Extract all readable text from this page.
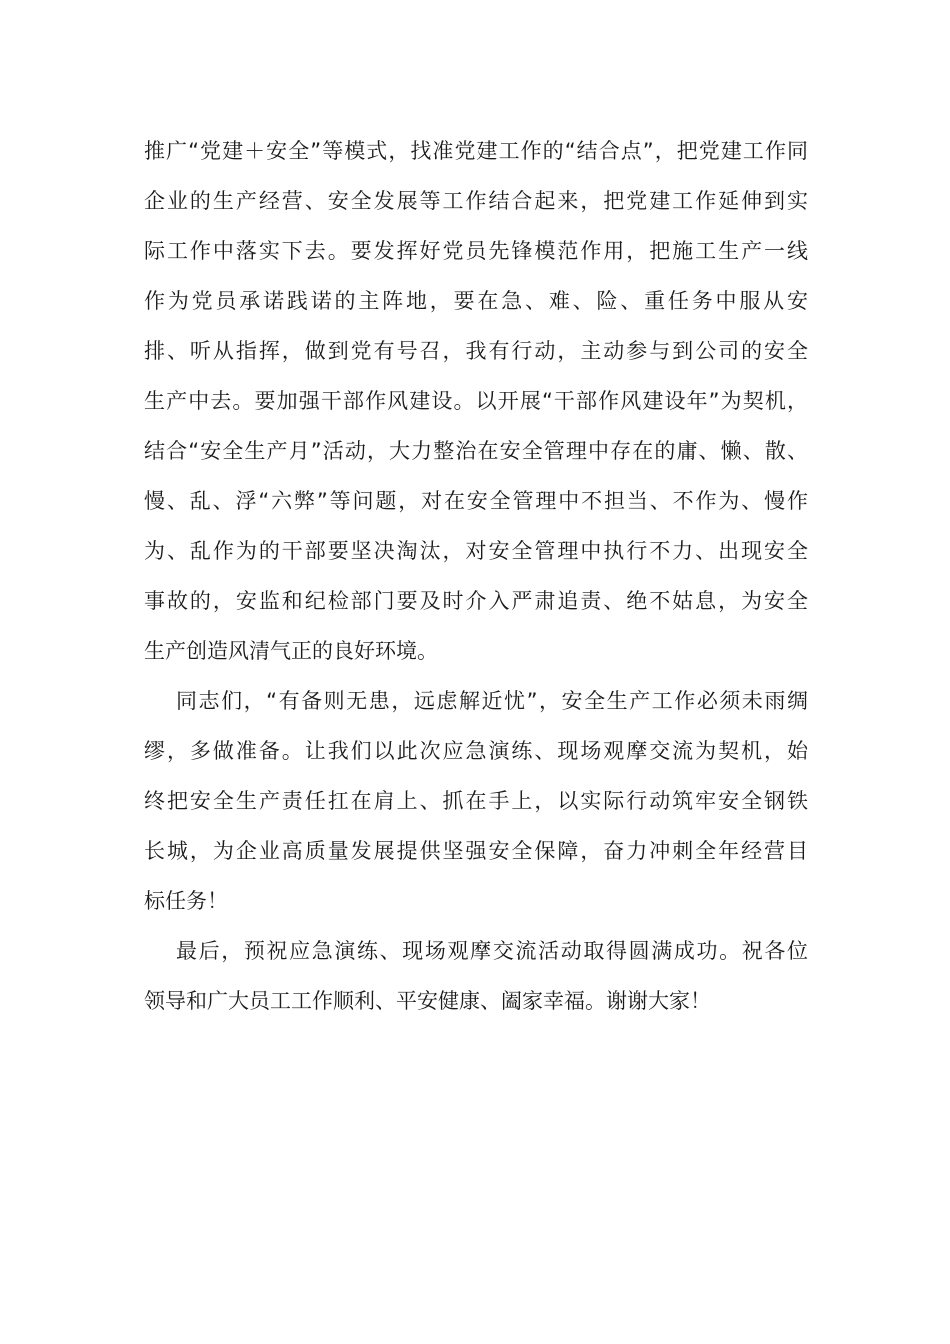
推广“党建＋安全”等模式，找准党建工作的“结合点”，把党建工作同
企业的生产经营、安全发展等工作结合起来，把党建工作延伸到实
际工作中落实下去。要发挥好党员先锋模范作用，把施工生产一线
作为党员承诺践诺的主阵地，要在急、难、险、重任务中服从安
排、听从指挥，做到党有号召，我有行动，主动参与到公司的安全
生产中去。要加强干部作风建设。以开展“干部作风建设年”为契机，
结合“安全生产月”活动，大力整治在安全管理中存在的庸、懒、散、
慢、乱、浮“六弊”等问题，对在安全管理中不担当、不作为、慢作
为、乱作为的干部要坚决淘汰，对安全管理中执行不力、出现安全
事故的，安监和纪检部门要及时介入严肃追责、绝不姑息，为安全
生产创造风清气正的良好环境。
同志们，“有备则无患，远虑解近忧”，安全生产工作必须未雨绸
缪，多做准备。让我们以此次应急演练、现场观摩交流为契机，始
终把安全生产责任扛在肩上、抓在手上，以实际行动筑牢安全钢铁
长城，为企业高质量发展提供坚强安全保障，奋力冲刺全年经营目
标任务！
最后，预祝应急演练、现场观摩交流活动取得圆满成功。祝各位
领导和广大员工工作顺利、平安健康、阖家幸福。谢谢大家！
